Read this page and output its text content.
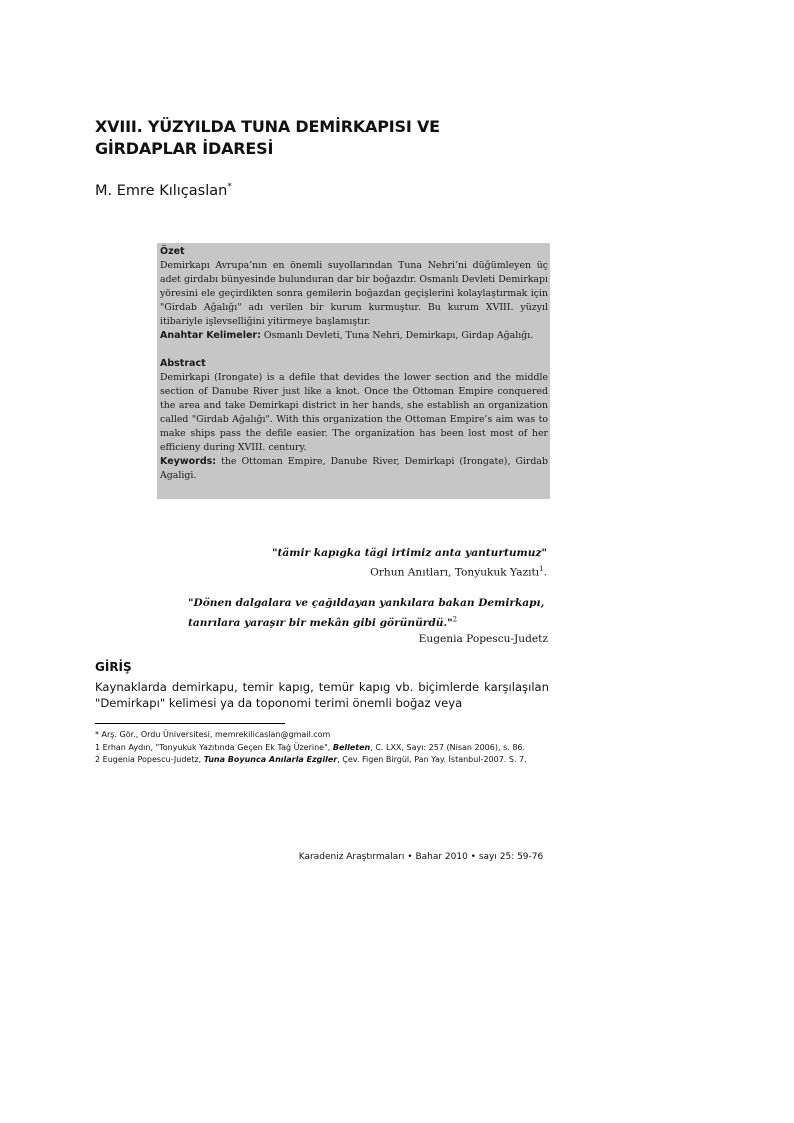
XVIII. YÜZYILDA TUNA DEMİRKAPISI VE
GİRDAPLAR İDARESİ

M. Emre Kılıçaslan*

Özet

Demirkapı Avrupa’nın en önemli suyollarından Tuna Nehri’ni düğümleyen üç adet girdabı bünyesinde bulunduran dar bir boğazdır. Osmanlı Devleti Demirkapı yöresini ele geçirdikten sonra gemilerin boğazdan geçişlerini kolaylaştırmak için "Girdab Ağalığı" adı verilen bir kurum kurmuştur. Bu kurum XVIII. yüzyıl itibariyle işlevselliğini yitirmeye başlamıştır.

Anahtar Kelimeler: Osmanlı Devleti, Tuna Nehri, Demirkapı, Girdap Ağalığı.

Abstract

Demirkapi (Irongate) is a defile that devides the lower section and the middle section of Danube River just like a knot. Once the Ottoman Empire conquered the area and take Demirkapi district in her hands, she establish an organization called "Girdab Ağalığı". With this organization the Ottoman Empire’s aim was to make ships pass the defile easier. The organization has been lost most of her efficieny during XVIII. century.

Keywords: the Ottoman Empire, Danube River, Demirkapi (Irongate), Girdab Agaligi.

"tämir kapıgka tägi irtimiz anta yanturtumuz"
Orhun Anıtları, Tonyukuk Yazıtı$^1$.
"Dönen dalgalara ve çağıldayan yankılara bakan Demirkapı, tanrılara yaraşır bir mekân gibi görünürdü."$^2$
Eugenia Popescu-Judetz
GİRİŞ

Kaynaklarda demirkapu, temir kapıg, temür kapıg vb. biçimlerde karşılaşılan "Demirkapı" kelimesi ya da toponomi terimi önemli boğaz veya

* Arş. Gör., Ordu Üniversitesi, memrekilicaslan@gmail.com

1 Erhan Aydın, "Tonyukuk Yazıtında Geçen Ek Taġ Üzerine", Belleten, C. LXX, Sayı: 257 (Nisan 2006), s. 86.

2 Eugenia Popescu-Judetz, Tuna Boyunca Anılarla Ezgiler, Çev. Figen Birgül, Pan Yay. İstanbul-2007. S. 7.

Karadeniz Araştırmaları • Bahar 2010 • sayı 25: 59-76
